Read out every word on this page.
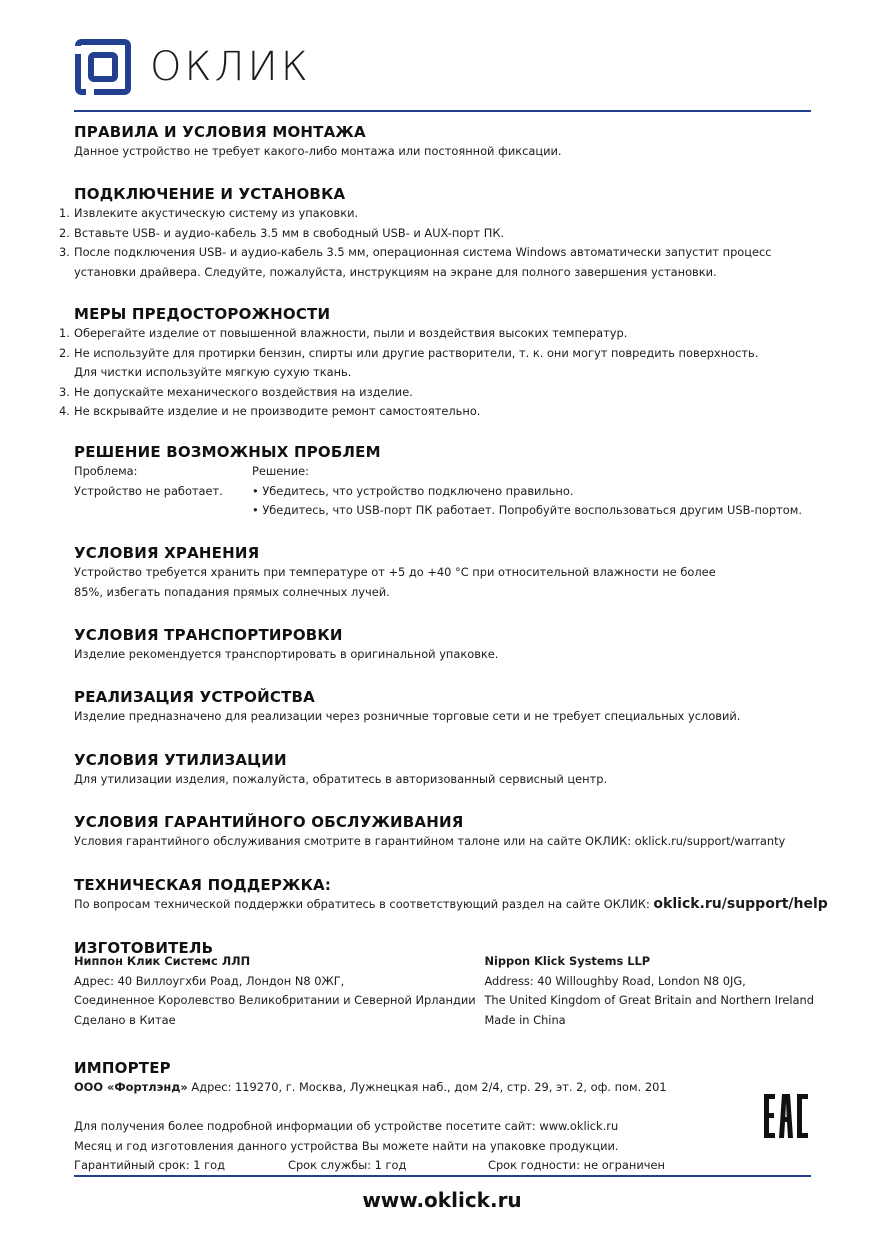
ОКЛИК
ПРАВИЛА И УСЛОВИЯ МОНТАЖА

Данное устройство не требует какого-либо монтажа или постоянной фиксации.

ПОДКЛЮЧЕНИЕ И УСТАНОВКА
1. Извлеките акустическую систему из упаковки.
2. Вставьте USB- и аудио-кабель 3.5 мм в свободный USB- и AUX-порт ПК.
3. После подключения USB- и аудио-кабель 3.5 мм, операционная система Windows автоматически запустит процесс
установки драйвера. Следуйте, пожалуйста, инструкциям на экране для полного завершения установки.
МЕРЫ ПРЕДОСТОРОЖНОСТИ
1. Оберегайте изделие от повышенной влажности, пыли и воздействия высоких температур.
2. Не используйте для протирки бензин, спирты или другие растворители, т. к. они могут повредить поверхность.
Для чистки используйте мягкую сухую ткань.
3. Не допускайте механического воздействия на изделие.
4. Не вскрывайте изделие и не производите ремонт самостоятельно.
РЕШЕНИЕ ВОЗМОЖНЫХ ПРОБЛЕМ

Проблема:

Устройство не работает.

Решение:

• Убедитесь, что устройство подключено правильно.

• Убедитесь, что USB-порт ПК работает. Попробуйте воспользоваться другим USB-портом.

УСЛОВИЯ ХРАНЕНИЯ

Устройство требуется хранить при температуре от +5 до +40 °С при относительной влажности не более

85%, избегать попадания прямых солнечных лучей.

УСЛОВИЯ ТРАНСПОРТИРОВКИ

Изделие рекомендуется транспортировать в оригинальной упаковке.

РЕАЛИЗАЦИЯ УСТРОЙСТВА

Изделие предназначено для реализации через розничные торговые сети и не требует специальных условий.

УСЛОВИЯ УТИЛИЗАЦИИ

Для утилизации изделия, пожалуйста, обратитесь в авторизованный сервисный центр.

УСЛОВИЯ ГАРАНТИЙНОГО ОБСЛУЖИВАНИЯ

Условия гарантийного обслуживания смотрите в гарантийном талоне или на сайте ОКЛИК: oklick.ru/support/warranty

ТЕХНИЧЕСКАЯ ПОДДЕРЖКА:

По вопросам технической поддержки обратитесь в соответствующий раздел на сайте ОКЛИК: oklick.ru/support/help

ИЗГОТОВИТЕЛЬ

Ниппон Клик Системс ЛЛП

Адрес: 40 Виллоугхби Роад, Лондон N8 0ЖГ,

Соединенное Королевство Великобритании и Северной Ирландии

Сделано в Китае

Nippon Klick Systems LLP

Address: 40 Willoughby Road, London N8 0JG,

The United Kingdom of Great Britain and Northern Ireland

Made in China

ИМПОРТЕР

ООО «Фортлэнд» Адрес: 119270, г. Москва, Лужнецкая наб., дом 2/4, стр. 29, эт. 2, оф. пом. 201

Для получения более подробной информации об устройстве посетите сайт: www.oklick.ru

Месяц и год изготовления данного устройства Вы можете найти на упаковке продукции.

Гарантийный срок: 1 год	Срок службы: 1 год	Срок годности: не ограничен
www.oklick.ru
